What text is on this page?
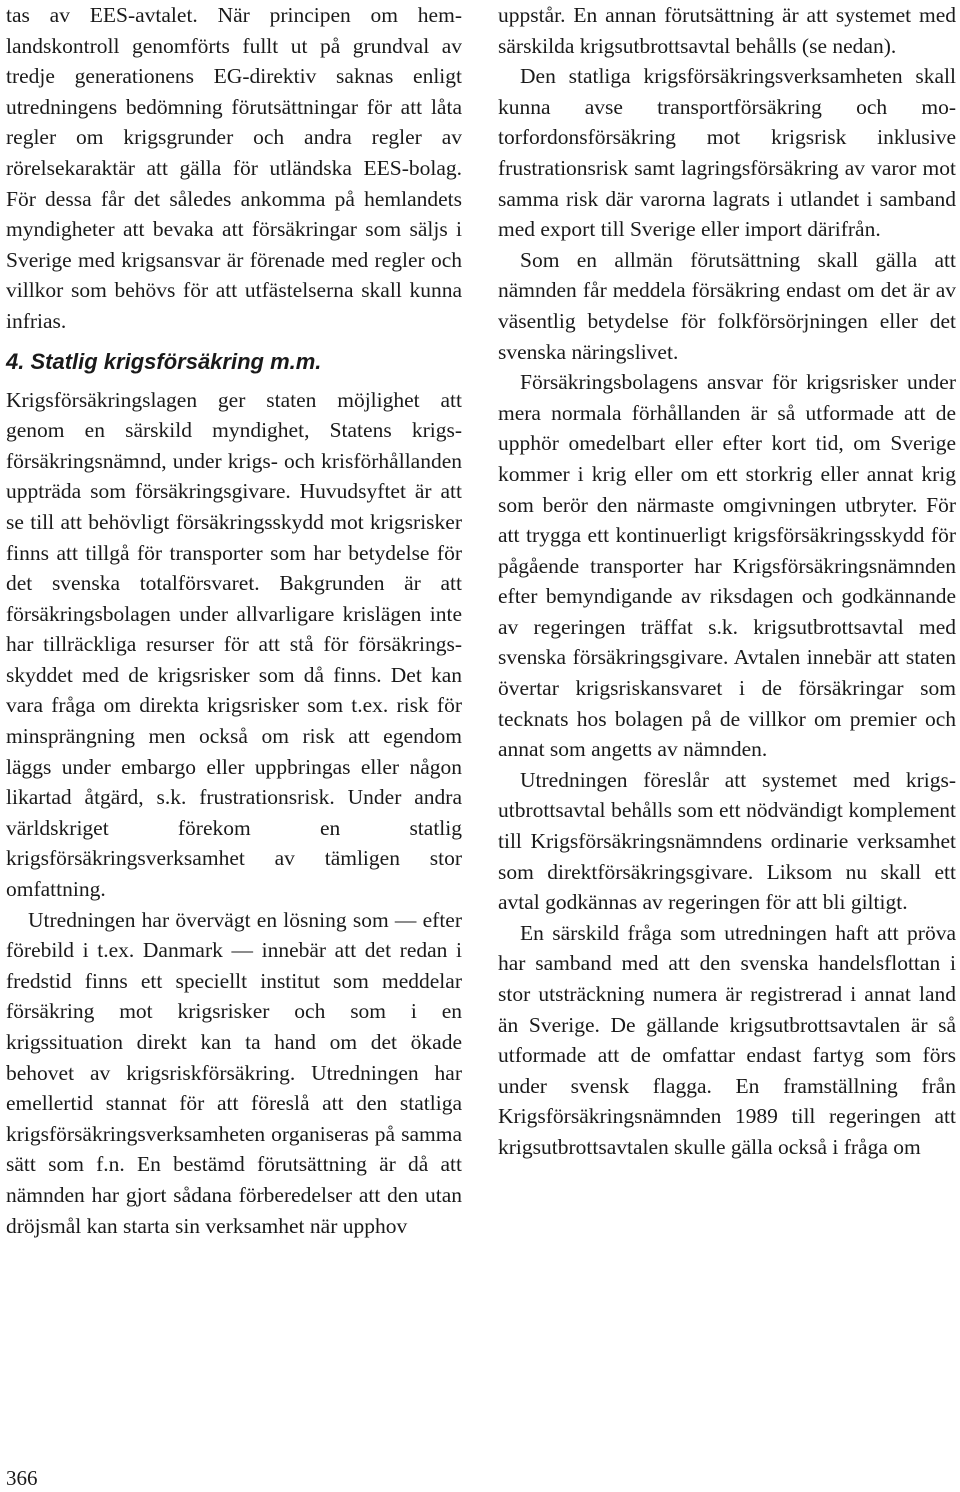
tas av EES-avtalet. När principen om hemlandskontroll genomförts fullt ut på grundval av tredje generationens EG-direktiv saknas enligt utredningens bedömning förutsättningar för att låta regler om krigsgrunder och andra regler av rörelsekaraktär att gälla för utländska EES-bolag. För dessa får det således ankomma på hemlandets myndigheter att bevaka att försäkringar som säljs i Sverige med krigsansvar är förenade med regler och villkor som behövs för att utfästelserna skall kunna infrias.

4. Statlig krigsförsäkring m.m.

Krigsförsäkringslagen ger staten möjlighet att genom en särskild myndighet, Statens krigsförsäkringsnämnd, under krigs- och krisförhållanden uppträda som försäkringsgivare. Huvudsyftet är att se till att behövligt försäkringsskydd mot krigsrisker finns att tillgå för transporter som har betydelse för det svenska totalförsvaret. Bakgrunden är att försäkringsbolagen under allvarligare krislägen inte har tillräckliga resurser för att stå för försäkringsskyddet med de krigsrisker som då finns. Det kan vara fråga om direkta krigsrisker som t.ex. risk för minsprängning men också om risk att egendom läggs under embargo eller uppbringas eller någon likartad åtgärd, s.k. frustrationsrisk. Under andra världskriget förekom en statlig krigsförsäkringsverksamhet av tämligen stor omfattning.

Utredningen har övervägt en lösning som — efter förebild i t.ex. Danmark — innebär att det redan i fredstid finns ett speciellt institut som meddelar försäkring mot krigsrisker och som i en krigssituation direkt kan ta hand om det ökade behovet av krigsriskförsäkring. Utredningen har emellertid stannat för att föreslå att den statliga krigsförsäkringsverksamheten organiseras på samma sätt som f.n. En bestämd förutsättning är då att nämnden har gjort sådana förberedelser att den utan dröjsmål kan starta sin verksamhet när upphov

uppstår. En annan förutsättning är att systemet med särskilda krigsutbrottsavtal behålls (se nedan).

Den statliga krigsförsäkringsverksamheten skall kunna avse transportförsäkring och motorfordonsförsäkring mot krigsrisk inklusive frustrationsrisk samt lagringsförsäkring av varor mot samma risk där varorna lagrats i utlandet i samband med export till Sverige eller import därifrån.

Som en allmän förutsättning skall gälla att nämnden får meddela försäkring endast om det är av väsentlig betydelse för folkförsörjningen eller det svenska näringslivet.

Försäkringsbolagens ansvar för krigsrisker under mera normala förhållanden är så utformade att de upphör omedelbart eller efter kort tid, om Sverige kommer i krig eller om ett storkrig eller annat krig som berör den närmaste omgivningen utbryter. För att trygga ett kontinuerligt krigsförsäkringsskydd för pågående transporter har Krigsförsäkringsnämnden efter bemyndigande av riksdagen och godkännande av regeringen träffat s.k. krigsutbrottsavtal med svenska försäkringsgivare. Avtalen innebär att staten övertar krigsriskansvaret i de försäkringar som tecknats hos bolagen på de villkor om premier och annat som angetts av nämnden.

Utredningen föreslår att systemet med krigsutbrottsavtal behålls som ett nödvändigt komplement till Krigsförsäkringsnämndens ordinarie verksamhet som direktförsäkringsgivare. Liksom nu skall ett avtal godkännas av regeringen för att bli giltigt.

En särskild fråga som utredningen haft att pröva har samband med att den svenska handelsflottan i stor utsträckning numera är registrerad i annat land än Sverige. De gällande krigsutbrottsavtalen är så utformade att de omfattar endast fartyg som förs under svensk flagga. En framställning från Krigsförsäkringsnämnden 1989 till regeringen att krigsutbrottsavtalen skulle gälla också i fråga om

366
